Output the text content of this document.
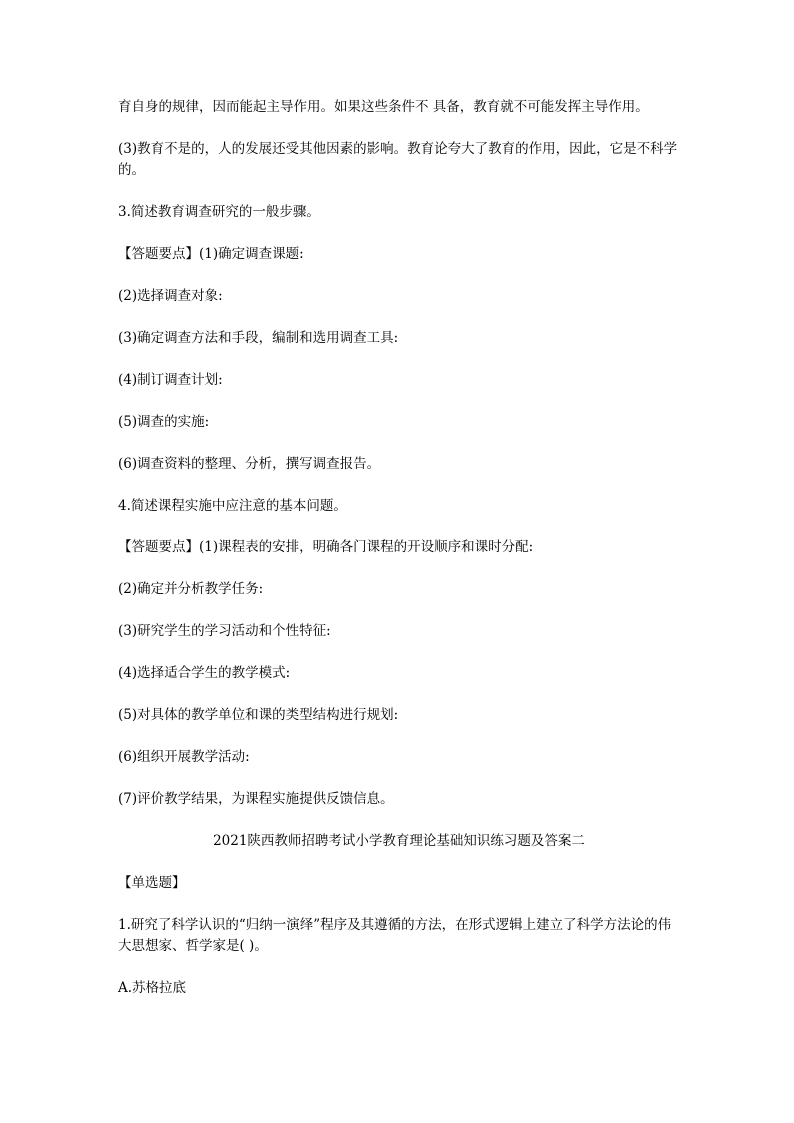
育自身的规律，因而能起主导作用。如果这些条件不 具备，教育就不可能发挥主导作用。

(3)教育不是的，人的发展还受其他因素的影响。教育论夸大了教育的作用，因此，它是不科学的。

3.简述教育调查研究的一般步骤。

【答题要点】(1)确定调查课题:

(2)选择调查对象:

(3)确定调查方法和手段，编制和选用调查工具:

(4)制订调查计划:

(5)调查的实施:

(6)调查资料的整理、分析，撰写调查报告。

4.简述课程实施中应注意的基本问题。

【答题要点】(1)课程表的安排，明确各门课程的开设顺序和课时分配:

(2)确定并分析教学任务:

(3)研究学生的学习活动和个性特征:

(4)选择适合学生的教学模式:

(5)对具体的教学单位和课的类型结构进行规划:

(6)组织开展教学活动:

(7)评价教学结果，为课程实施提供反馈信息。

2021陕西教师招聘考试小学教育理论基础知识练习题及答案二

【单选题】

1.研究了科学认识的“归纳一演绎”程序及其遵循的方法，在形式逻辑上建立了科学方法论的伟大思想家、哲学家是( )。

A.苏格拉底
